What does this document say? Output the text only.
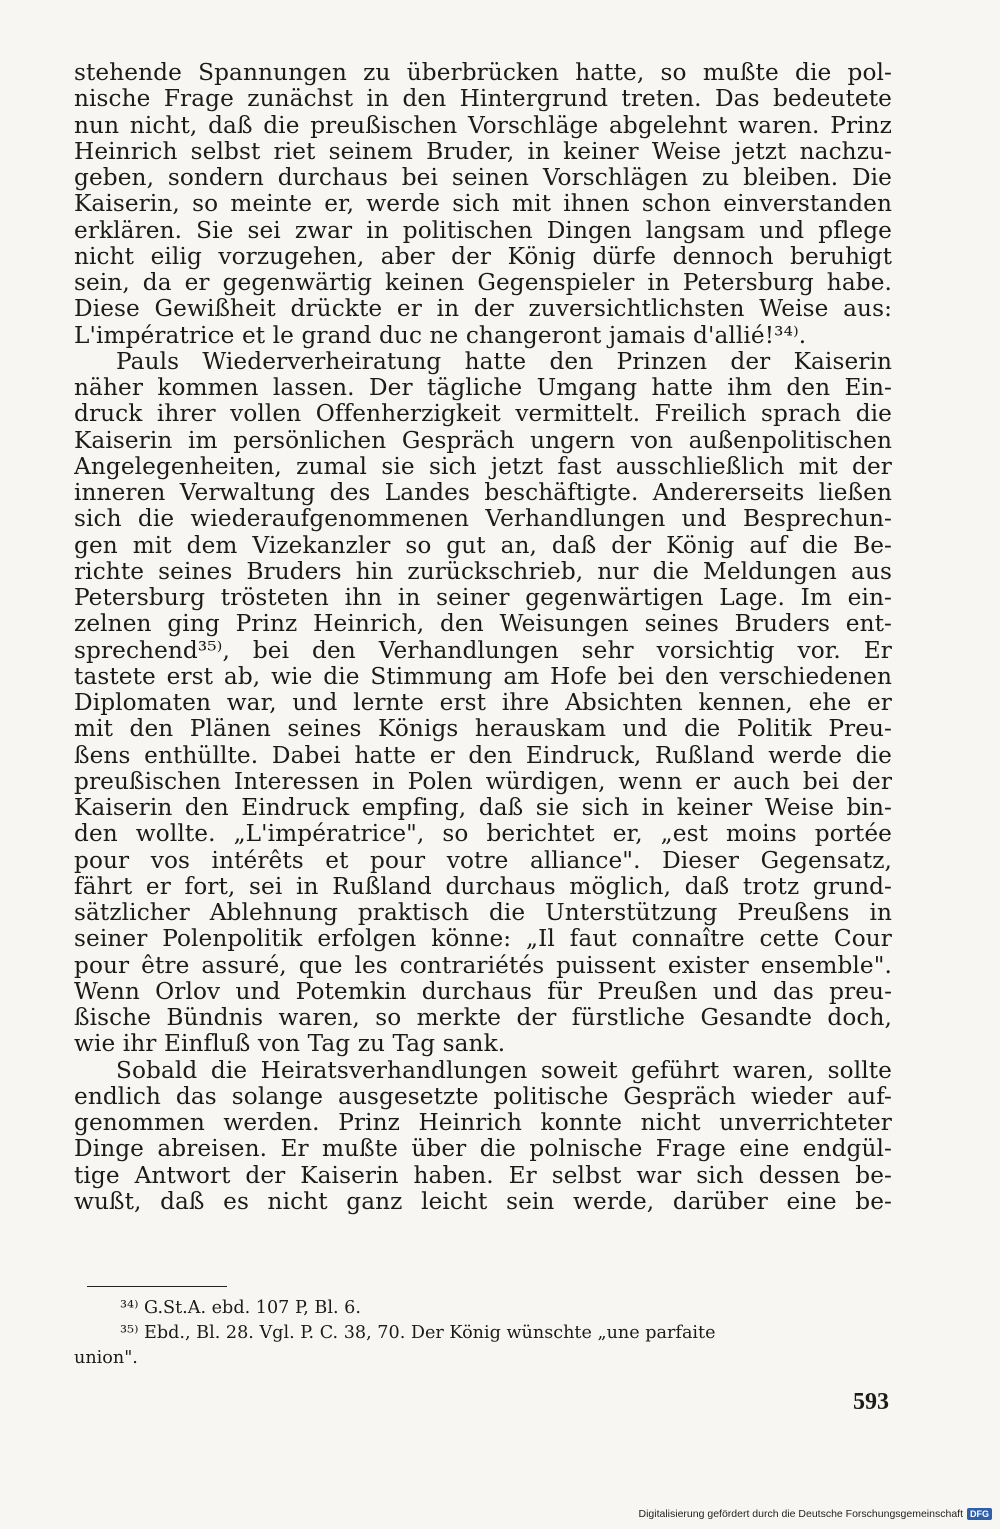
stehende Spannungen zu überbrücken hatte, so mußte die pol-
nische Frage zunächst in den Hintergrund treten. Das bedeutete
nun nicht, daß die preußischen Vorschläge abgelehnt waren. Prinz
Heinrich selbst riet seinem Bruder, in keiner Weise jetzt nachzu-
geben, sondern durchaus bei seinen Vorschlägen zu bleiben. Die
Kaiserin, so meinte er, werde sich mit ihnen schon einverstanden
erklären. Sie sei zwar in politischen Dingen langsam und pflege
nicht eilig vorzugehen, aber der König dürfe dennoch beruhigt
sein, da er gegenwärtig keinen Gegenspieler in Petersburg habe.
Diese Gewißheit drückte er in der zuversichtlichsten Weise aus:
L'impératrice et le grand duc ne changeront jamais d'allié!³⁴⁾.
Pauls Wiederverheiratung hatte den Prinzen der Kaiserin
näher kommen lassen. Der tägliche Umgang hatte ihm den Ein-
druck ihrer vollen Offenherzigkeit vermittelt. Freilich sprach die
Kaiserin im persönlichen Gespräch ungern von außenpolitischen
Angelegenheiten, zumal sie sich jetzt fast ausschließlich mit der
inneren Verwaltung des Landes beschäftigte. Andererseits ließen
sich die wiederaufgenommenen Verhandlungen und Besprechun-
gen mit dem Vizekanzler so gut an, daß der König auf die Be-
richte seines Bruders hin zurückschrieb, nur die Meldungen aus
Petersburg trösteten ihn in seiner gegenwärtigen Lage. Im ein-
zelnen ging Prinz Heinrich, den Weisungen seines Bruders ent-
sprechend³⁵⁾, bei den Verhandlungen sehr vorsichtig vor. Er
tastete erst ab, wie die Stimmung am Hofe bei den verschiedenen
Diplomaten war, und lernte erst ihre Absichten kennen, ehe er
mit den Plänen seines Königs herauskam und die Politik Preu-
ßens enthüllte. Dabei hatte er den Eindruck, Rußland werde die
preußischen Interessen in Polen würdigen, wenn er auch bei der
Kaiserin den Eindruck empfing, daß sie sich in keiner Weise bin-
den wollte. „L'impératrice", so berichtet er, „est moins portée
pour vos intérêts et pour votre alliance". Dieser Gegensatz,
fährt er fort, sei in Rußland durchaus möglich, daß trotz grund-
sätzlicher Ablehnung praktisch die Unterstützung Preußens in
seiner Polenpolitik erfolgen könne: „Il faut connaître cette Cour
pour être assuré, que les contrariétés puissent exister ensemble".
Wenn Orlov und Potemkin durchaus für Preußen und das preu-
ßische Bündnis waren, so merkte der fürstliche Gesandte doch,
wie ihr Einfluß von Tag zu Tag sank.
Sobald die Heiratsverhandlungen soweit geführt waren, sollte
endlich das solange ausgesetzte politische Gespräch wieder auf-
genommen werden. Prinz Heinrich konnte nicht unverrichteter
Dinge abreisen. Er mußte über die polnische Frage eine endgül-
tige Antwort der Kaiserin haben. Er selbst war sich dessen be-
wußt, daß es nicht ganz leicht sein werde, darüber eine be-
³⁴⁾ G.St.A. ebd. 107 P, Bl. 6.
³⁵⁾ Ebd., Bl. 28. Vgl. P. C. 38, 70. Der König wünschte „une parfaite
union".
593
Digitalisierung gefördert durch die Deutsche Forschungsgemeinschaft DFG
